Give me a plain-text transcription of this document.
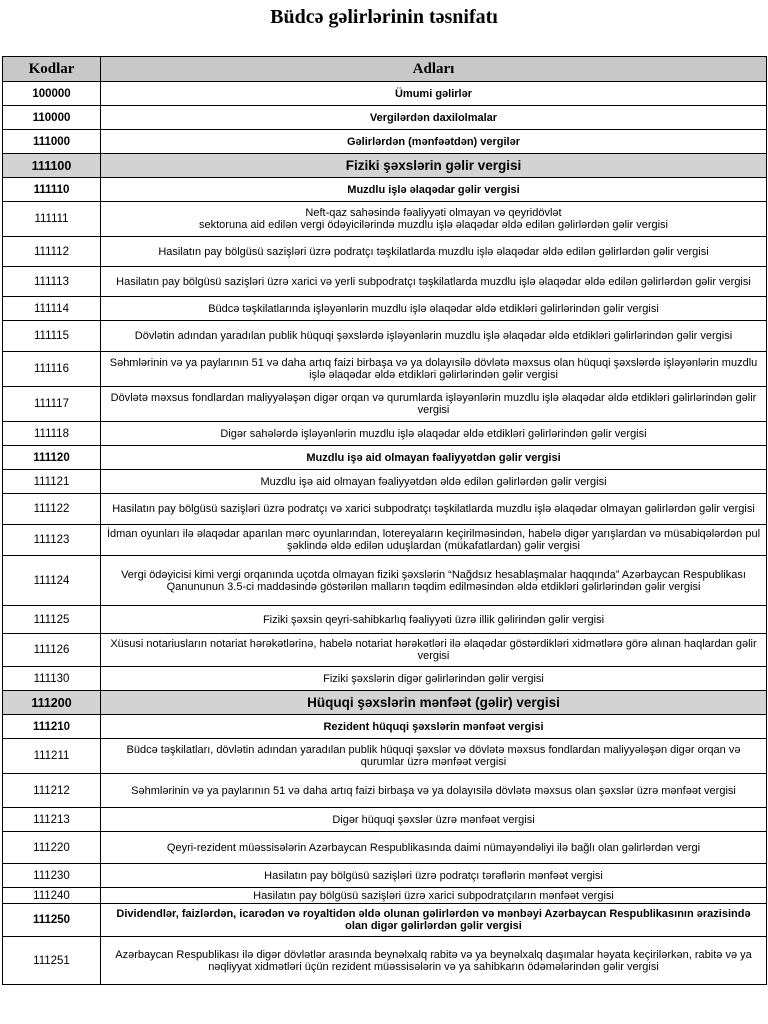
Büdcə gəlirlərinin təsnifatı
Kodlar	Adları
100000	Ümumi gəlirlər
110000	Vergilərdən daxilolmalar
111000	Gəlirlərdən (mənfəətdən) vergilər
111100	Fiziki şəxslərin gəlir vergisi
111110	Muzdlu işlə əlaqədar gəlir vergisi
111111	Neft-qaz sahəsində fəaliyyəti olmayan və qeyridövlət
sektoruna aid edilən vergi ödəyicilərində muzdlu işlə əlaqədar əldə edilən gəlirlərdən gəlir vergisi
111112	Hasilatın pay bölgüsü sazişləri üzrə podratçı təşkilatlarda muzdlu işlə əlaqədar əldə edilən gəlirlərdən gəlir vergisi
111113	Hasilatın pay bölgüsü sazişləri üzrə xarici və yerli subpodratçı təşkilatlarda muzdlu işlə əlaqədar əldə edilən gəlirlərdən gəlir vergisi
111114	Büdcə təşkilatlarında işləyənlərin muzdlu işlə əlaqədar əldə etdikləri gəlirlərindən gəlir vergisi
111115	Dövlətin adından yaradılan publik hüquqi şəxslərdə işləyənlərin muzdlu işlə əlaqədar əldə etdikləri gəlirlərindən gəlir vergisi
111116	Səhmlərinin və ya paylarının 51 və daha artıq faizi birbaşa və ya dolayısilə dövlətə məxsus olan hüquqi şəxslərdə işləyənlərin muzdlu işlə əlaqədar əldə etdikləri gəlirlərindən gəlir vergisi
111117	Dövlətə məxsus fondlardan maliyyələşən digər orqan və qurumlarda işləyənlərin muzdlu işlə əlaqədar əldə etdikləri gəlirlərindən gəlir vergisi
111118	Digər sahələrdə işləyənlərin muzdlu işlə əlaqədar əldə etdikləri gəlirlərindən gəlir vergisi
111120	Muzdlu işə aid olmayan fəaliyyətdən gəlir vergisi
111121	Muzdlu işə aid olmayan fəaliyyətdən əldə edilən gəlirlərdən gəlir vergisi
111122	Hasilatın pay bölgüsü sazişləri üzrə podratçı və xarici subpodratçı təşkilatlarda muzdlu işlə əlaqədar olmayan gəlirlərdən gəlir vergisi
111123	İdman oyunları ilə əlaqədar aparılan mərc oyunlarından, lotereyaların keçirilməsindən, habelə digər yarışlardan və müsabiqələrdən pul şəklində əldə edilən uduşlardan (mükafatlardan) gəlir vergisi
111124	Vergi ödəyicisi kimi vergi orqanında uçotda olmayan fiziki şəxslərin “Nağdsız hesablaşmalar haqqında” Azərbaycan Respublikası Qanununun 3.5-ci maddəsində göstərilən malların təqdim edilməsindən əldə etdikləri gəlirlərindən gəlir vergisi
111125	Fiziki şəxsin qeyri-sahibkarlıq fəaliyyəti üzrə illik gəlirindən gəlir vergisi
111126	Xüsusi notariusların notariat hərəkətlərinə, habelə notariat hərəkətləri ilə əlaqədar göstərdikləri xidmətlərə görə alınan haqlardan gəlir vergisi
111130	Fiziki şəxslərin digər gəlirlərindən gəlir vergisi
111200	Hüquqi şəxslərin mənfəət (gəlir) vergisi
111210	Rezident hüquqi şəxslərin mənfəət vergisi
111211	Büdcə təşkilatları, dövlətin adından yaradılan publik hüquqi şəxslər və dövlətə məxsus fondlardan maliyyələşən digər orqan və qurumlar üzrə mənfəət vergisi
111212	Səhmlərinin və ya paylarının 51 və daha artıq faizi birbaşa və ya dolayısilə dövlətə məxsus olan şəxslər üzrə mənfəət vergisi
111213	Digər hüquqi şəxslər üzrə mənfəət vergisi
111220	Qeyri-rezident müəssisələrin Azərbaycan Respublikasında daimi nümayəndəliyi ilə bağlı olan gəlirlərdən vergi
111230	Hasilatın pay bölgüsü sazişləri üzrə podratçı tərəflərin mənfəət vergisi
111240	Hasilatın pay bölgüsü sazişləri üzrə xarici subpodratçıların mənfəət vergisi
111250	Dividendlər, faizlərdən, icarədən və royaltidən əldə olunan gəlirlərdən və mənbəyi Azərbaycan Respublikasının ərazisində olan digər gəlirlərdən gəlir vergisi
111251	Azərbaycan Respublikası ilə digər dövlətlər arasında beynəlxalq rabitə və ya beynəlxalq daşımalar həyata keçirilərkən, rabitə və ya nəqliyyat xidmətləri üçün rezident müəssisələrin və ya sahibkarın ödəmələrindən gəlir vergisi
